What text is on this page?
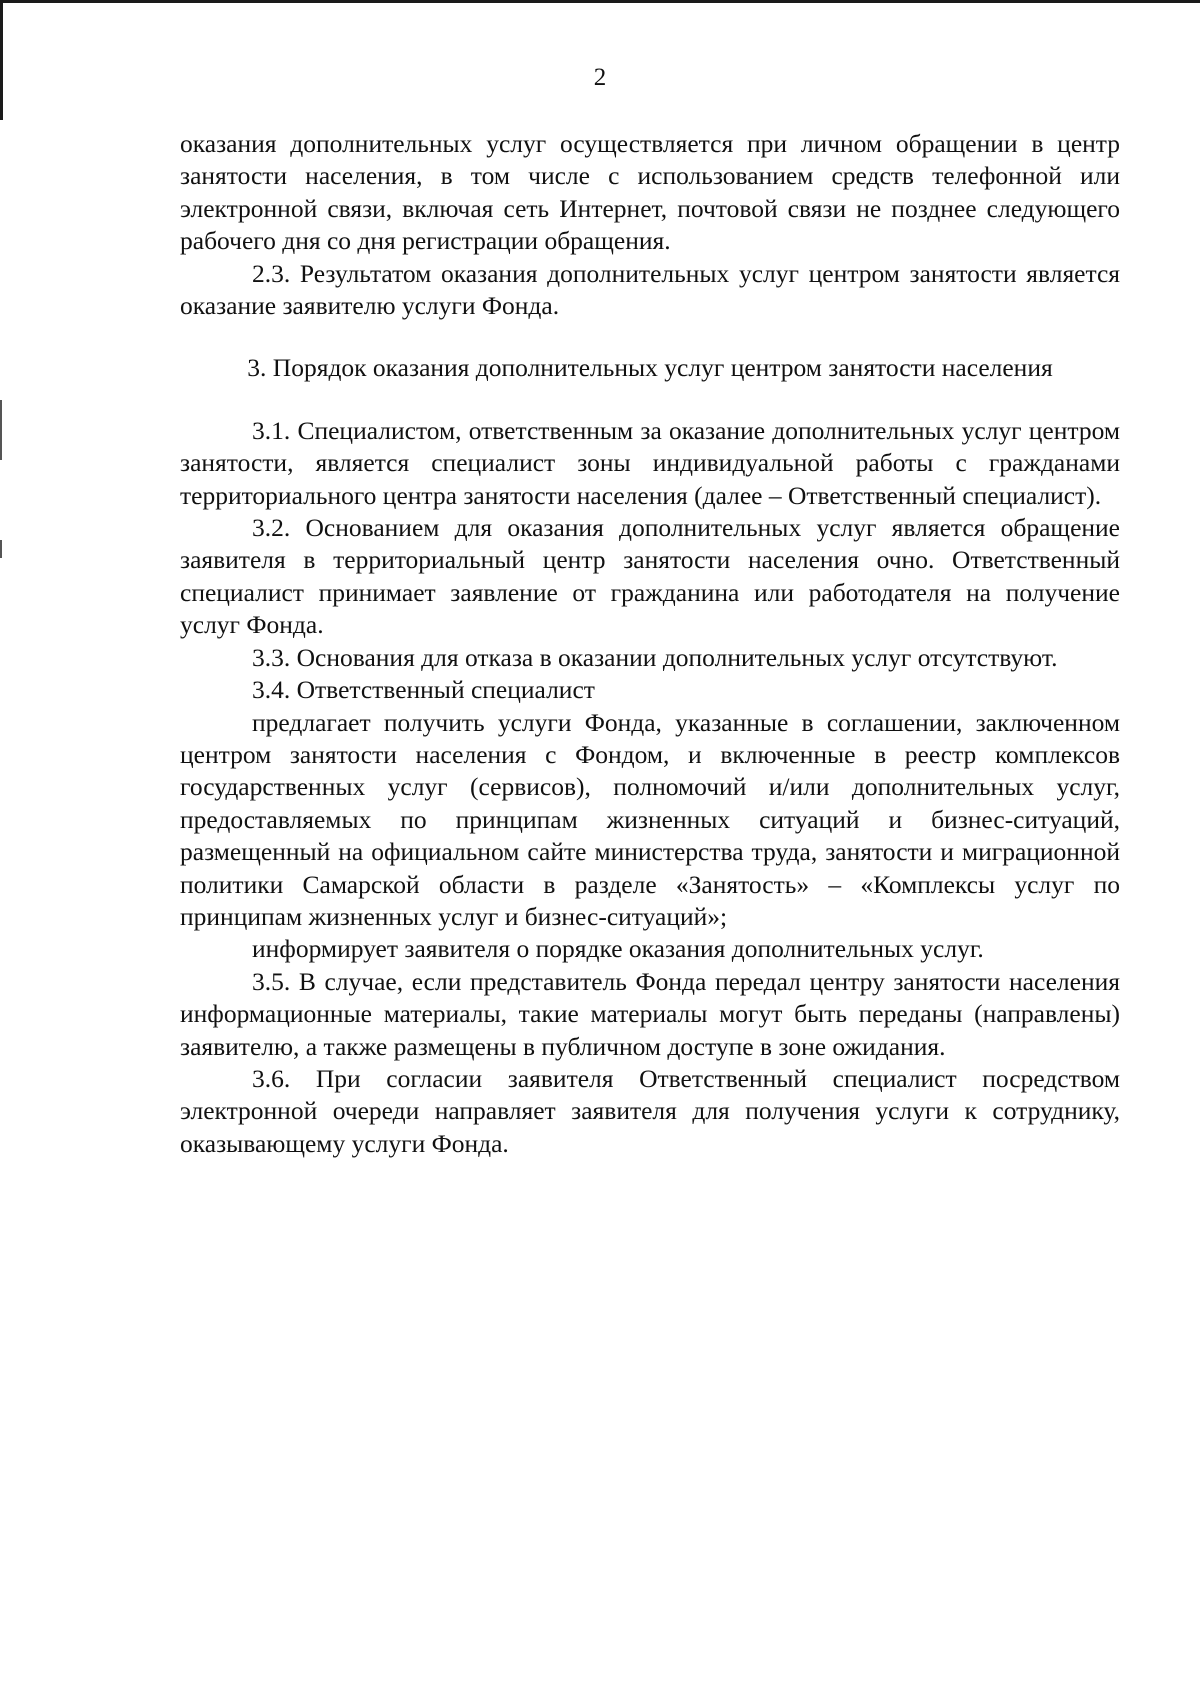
2

оказания дополнительных услуг осуществляется при личном обращении в центр занятости населения, в том числе с использованием средств телефонной или электронной связи, включая сеть Интернет, почтовой связи не позднее следующего рабочего дня со дня регистрации обращения.

2.3. Результатом оказания дополнительных услуг центром занятости является оказание заявителю услуги Фонда.

3. Порядок оказания дополнительных услуг центром занятости населения

3.1. Специалистом, ответственным за оказание дополнительных услуг центром занятости, является специалист зоны индивидуальной работы с гражданами территориального центра занятости населения (далее – Ответственный специалист).

3.2. Основанием для оказания дополнительных услуг является обращение заявителя в территориальный центр занятости населения очно. Ответственный специалист принимает заявление от гражданина или работодателя на получение услуг Фонда.

3.3. Основания для отказа в оказании дополнительных услуг отсутствуют.

3.4. Ответственный специалист

предлагает получить услуги Фонда, указанные в соглашении, заключенном центром занятости населения с Фондом, и включенные в реестр комплексов государственных услуг (сервисов), полномочий и/или дополнительных услуг, предоставляемых по принципам жизненных ситуаций и бизнес-ситуаций, размещенный на официальном сайте министерства труда, занятости и миграционной политики Самарской области в разделе «Занятость» – «Комплексы услуг по принципам жизненных услуг и бизнес-ситуаций»;

информирует заявителя о порядке оказания дополнительных услуг.

3.5. В случае, если представитель Фонда передал центру занятости населения информационные материалы, такие материалы могут быть переданы (направлены) заявителю, а также размещены в публичном доступе в зоне ожидания.

3.6. При согласии заявителя Ответственный специалист посредством электронной очереди направляет заявителя для получения услуги к сотруднику, оказывающему услуги Фонда.
